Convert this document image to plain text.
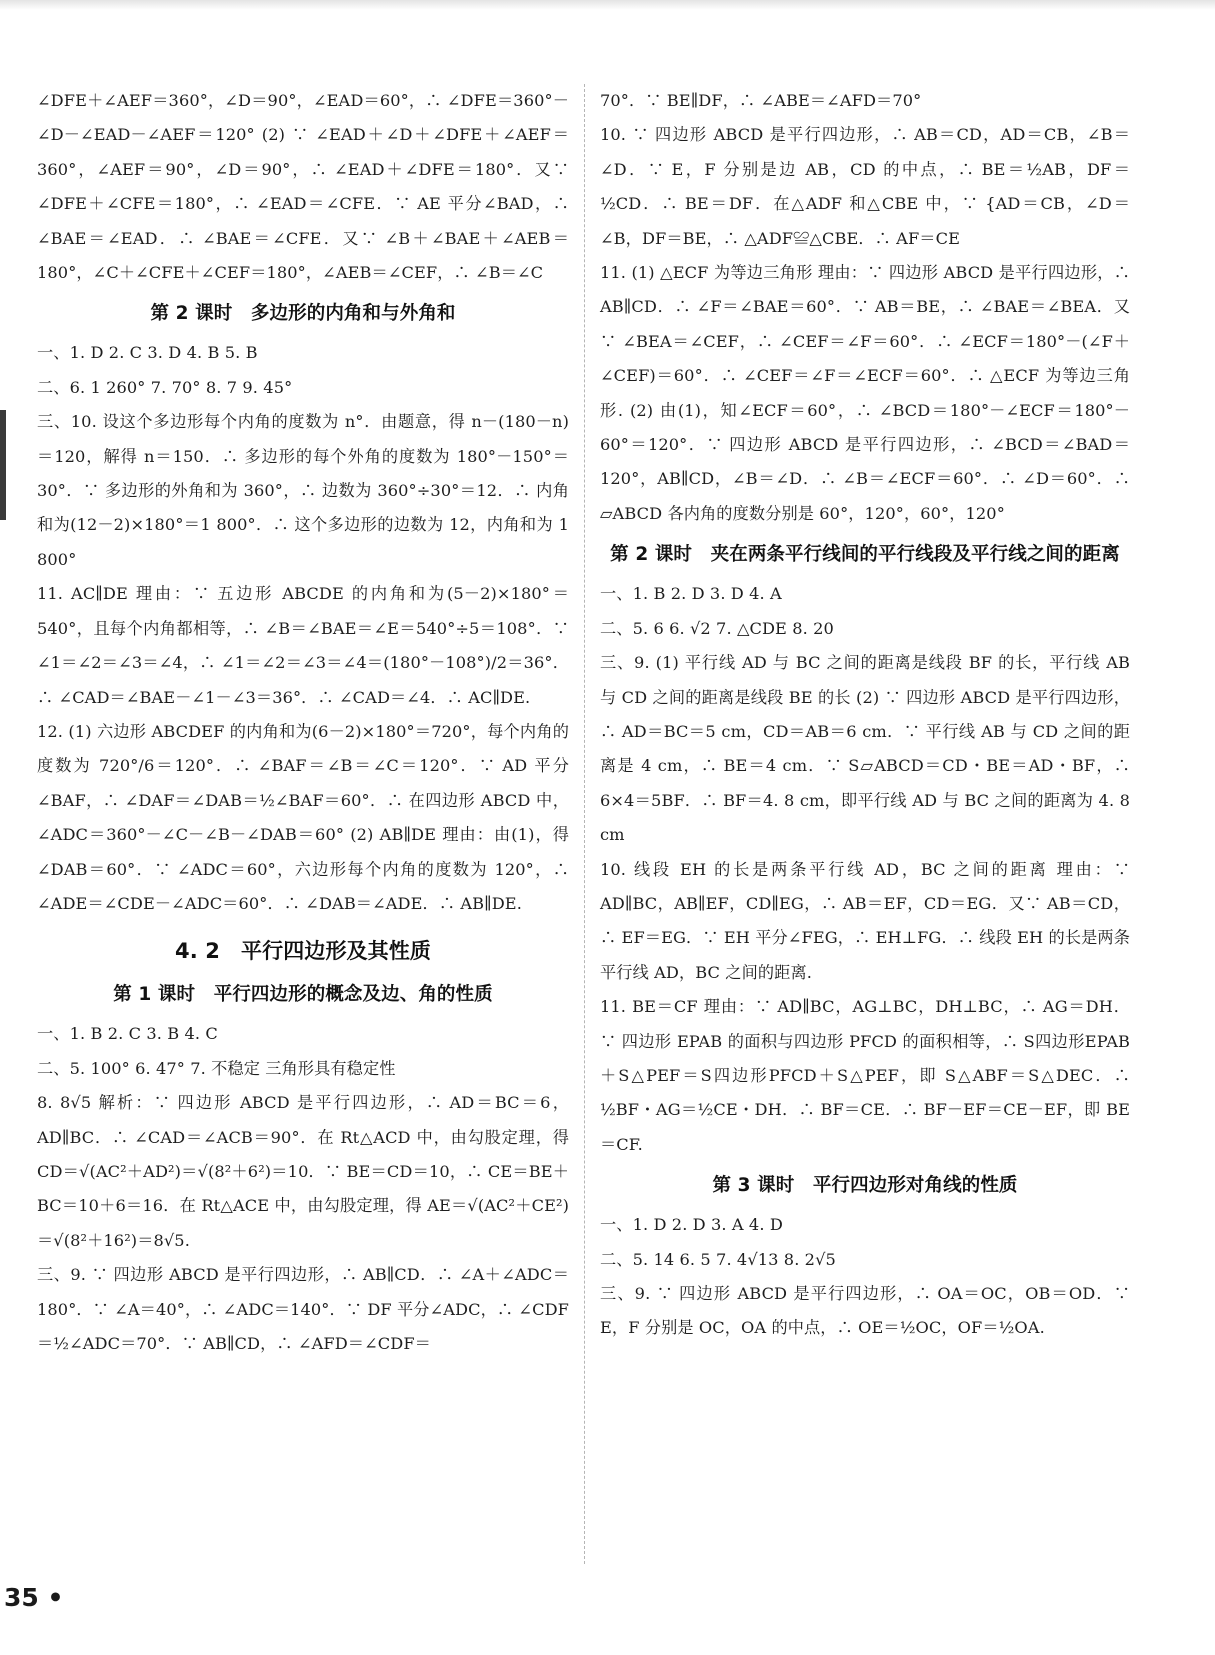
∠DFE＋∠AEF＝360°，∠D＝90°，∠EAD＝60°，∴ ∠DFE＝360°－∠D－∠EAD－∠AEF＝120° (2) ∵ ∠EAD＋∠D＋∠DFE＋∠AEF＝360°，∠AEF＝90°，∠D＝90°，∴ ∠EAD＋∠DFE＝180°．又∵ ∠DFE＋∠CFE＝180°，∴ ∠EAD＝∠CFE．∵ AE 平分∠BAD，∴ ∠BAE＝∠EAD．∴ ∠BAE＝∠CFE．又∵ ∠B＋∠BAE＋∠AEB＝180°，∠C＋∠CFE＋∠CEF＝180°，∠AEB＝∠CEF，∴ ∠B＝∠C

第 2 课时　多边形的内角和与外角和

一、1. D 2. C 3. D 4. B 5. B

二、6. 1 260° 7. 70° 8. 7 9. 45°

三、10. 设这个多边形每个内角的度数为 n°．由题意，得 n－(180－n)＝120，解得 n＝150．∴ 多边形的每个外角的度数为 180°－150°＝30°．∵ 多边形的外角和为 360°，∴ 边数为 360°÷30°＝12．∴ 内角和为(12－2)×180°＝1 800°．∴ 这个多边形的边数为 12，内角和为 1 800°

11. AC∥DE 理由：∵ 五边形 ABCDE 的内角和为(5－2)×180°＝540°，且每个内角都相等，∴ ∠B＝∠BAE＝∠E＝540°÷5＝108°．∵ ∠1＝∠2＝∠3＝∠4，∴ ∠1＝∠2＝∠3＝∠4＝(180°－108°)/2＝36°．∴ ∠CAD＝∠BAE－∠1－∠3＝36°．∴ ∠CAD＝∠4．∴ AC∥DE.

12. (1) 六边形 ABCDEF 的内角和为(6－2)×180°＝720°，每个内角的度数为 720°/6＝120°．∴ ∠BAF＝∠B＝∠C＝120°．∵ AD 平分∠BAF，∴ ∠DAF＝∠DAB＝½∠BAF＝60°．∴ 在四边形 ABCD 中，∠ADC＝360°－∠C－∠B－∠DAB＝60° (2) AB∥DE 理由：由(1)，得∠DAB＝60°．∵ ∠ADC＝60°，六边形每个内角的度数为 120°，∴ ∠ADE＝∠CDE－∠ADC＝60°．∴ ∠DAB＝∠ADE．∴ AB∥DE.

4. 2　平行四边形及其性质
第 1 课时　平行四边形的概念及边、角的性质

一、1. B 2. C 3. B 4. C

二、5. 100° 6. 47° 7. 不稳定 三角形具有稳定性

8. 8√5 解析：∵ 四边形 ABCD 是平行四边形，∴ AD＝BC＝6，AD∥BC．∴ ∠CAD＝∠ACB＝90°．在 Rt△ACD 中，由勾股定理，得 CD＝√(AC²＋AD²)＝√(8²＋6²)＝10．∵ BE＝CD＝10，∴ CE＝BE＋BC＝10＋6＝16．在 Rt△ACE 中，由勾股定理，得 AE＝√(AC²＋CE²)＝√(8²＋16²)＝8√5.

三、9. ∵ 四边形 ABCD 是平行四边形，∴ AB∥CD．∴ ∠A＋∠ADC＝180°．∵ ∠A＝40°，∴ ∠ADC＝140°．∵ DF 平分∠ADC，∴ ∠CDF＝½∠ADC＝70°．∵ AB∥CD，∴ ∠AFD＝∠CDF＝

70°．∵ BE∥DF，∴ ∠ABE＝∠AFD＝70°

10. ∵ 四边形 ABCD 是平行四边形，∴ AB＝CD，AD＝CB，∠B＝∠D．∵ E，F 分别是边 AB，CD 的中点，∴ BE＝½AB，DF＝½CD．∴ BE＝DF．在△ADF 和△CBE 中，∵ {AD＝CB，∠D＝∠B，DF＝BE，∴ △ADF≌△CBE．∴ AF＝CE

11. (1) △ECF 为等边三角形 理由：∵ 四边形 ABCD 是平行四边形，∴ AB∥CD．∴ ∠F＝∠BAE＝60°．∵ AB＝BE，∴ ∠BAE＝∠BEA．又∵ ∠BEA＝∠CEF，∴ ∠CEF＝∠F＝60°．∴ ∠ECF＝180°－(∠F＋∠CEF)＝60°．∴ ∠CEF＝∠F＝∠ECF＝60°．∴ △ECF 为等边三角形. (2) 由(1)，知∠ECF＝60°，∴ ∠BCD＝180°－∠ECF＝180°－60°＝120°．∵ 四边形 ABCD 是平行四边形，∴ ∠BCD＝∠BAD＝120°，AB∥CD，∠B＝∠D．∴ ∠B＝∠ECF＝60°．∴ ∠D＝60°．∴ ▱ABCD 各内角的度数分别是 60°，120°，60°，120°

第 2 课时　夹在两条平行线间的平行线段及平行线之间的距离

一、1. B 2. D 3. D 4. A

二、5. 6 6. √2 7. △CDE 8. 20

三、9. (1) 平行线 AD 与 BC 之间的距离是线段 BF 的长，平行线 AB 与 CD 之间的距离是线段 BE 的长 (2) ∵ 四边形 ABCD 是平行四边形，∴ AD＝BC＝5 cm，CD＝AB＝6 cm．∵ 平行线 AB 与 CD 之间的距离是 4 cm，∴ BE＝4 cm．∵ S▱ABCD＝CD・BE＝AD・BF，∴ 6×4＝5BF．∴ BF＝4. 8 cm，即平行线 AD 与 BC 之间的距离为 4. 8 cm

10. 线段 EH 的长是两条平行线 AD，BC 之间的距离 理由：∵ AD∥BC，AB∥EF，CD∥EG，∴ AB＝EF，CD＝EG．又∵ AB＝CD，∴ EF＝EG．∵ EH 平分∠FEG，∴ EH⊥FG．∴ 线段 EH 的长是两条平行线 AD，BC 之间的距离.

11. BE＝CF 理由：∵ AD∥BC，AG⊥BC，DH⊥BC，∴ AG＝DH．∵ 四边形 EPAB 的面积与四边形 PFCD 的面积相等，∴ S四边形EPAB＋S△PEF＝S四边形PFCD＋S△PEF，即 S△ABF＝S△DEC．∴ ½BF・AG＝½CE・DH．∴ BF＝CE．∴ BF－EF＝CE－EF，即 BE＝CF.

第 3 课时　平行四边形对角线的性质

一、1. D 2. D 3. A 4. D

二、5. 14 6. 5 7. 4√13 8. 2√5

三、9. ∵ 四边形 ABCD 是平行四边形，∴ OA＝OC，OB＝OD．∵ E，F 分别是 OC，OA 的中点，∴ OE＝½OC，OF＝½OA.

35 •
